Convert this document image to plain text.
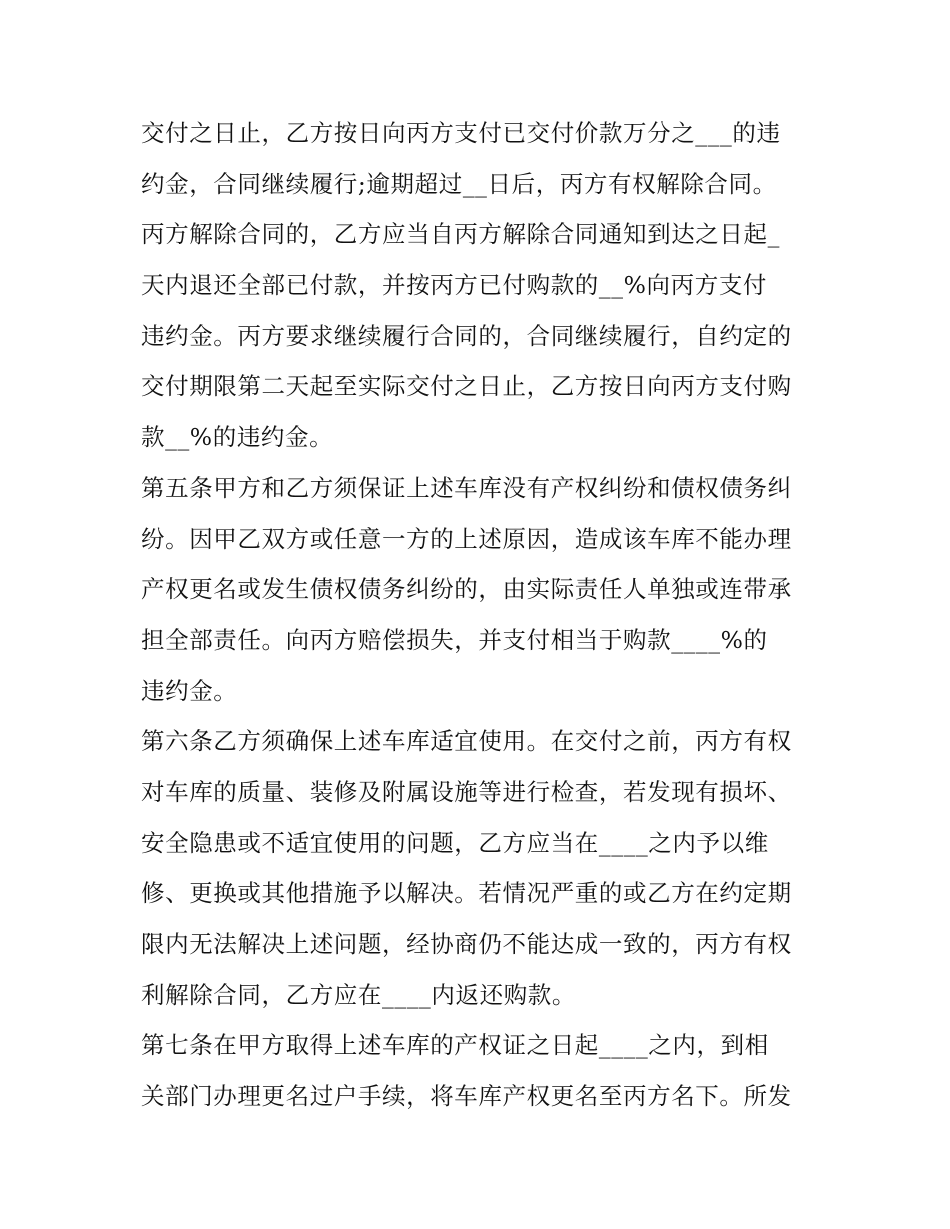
交付之日止，乙方按日向丙方支付已交付价款万分之___的违
约金，合同继续履行;逾期超过__日后，丙方有权解除合同。
丙方解除合同的，乙方应当自丙方解除合同通知到达之日起_
天内退还全部已付款，并按丙方已付购款的__%向丙方支付
违约金。丙方要求继续履行合同的，合同继续履行，自约定的
交付期限第二天起至实际交付之日止，乙方按日向丙方支付购
款__%的违约金。
第五条甲方和乙方须保证上述车库没有产权纠纷和债权债务纠
纷。因甲乙双方或任意一方的上述原因，造成该车库不能办理
产权更名或发生债权债务纠纷的，由实际责任人单独或连带承
担全部责任。向丙方赔偿损失，并支付相当于购款____%的
违约金。
第六条乙方须确保上述车库适宜使用。在交付之前，丙方有权
对车库的质量、装修及附属设施等进行检查，若发现有损坏、
安全隐患或不适宜使用的问题，乙方应当在____之内予以维
修、更换或其他措施予以解决。若情况严重的或乙方在约定期
限内无法解决上述问题，经协商仍不能达成一致的，丙方有权
利解除合同，乙方应在____内返还购款。
第七条在甲方取得上述车库的产权证之日起____之内，到相
关部门办理更名过户手续，将车库产权更名至丙方名下。所发
